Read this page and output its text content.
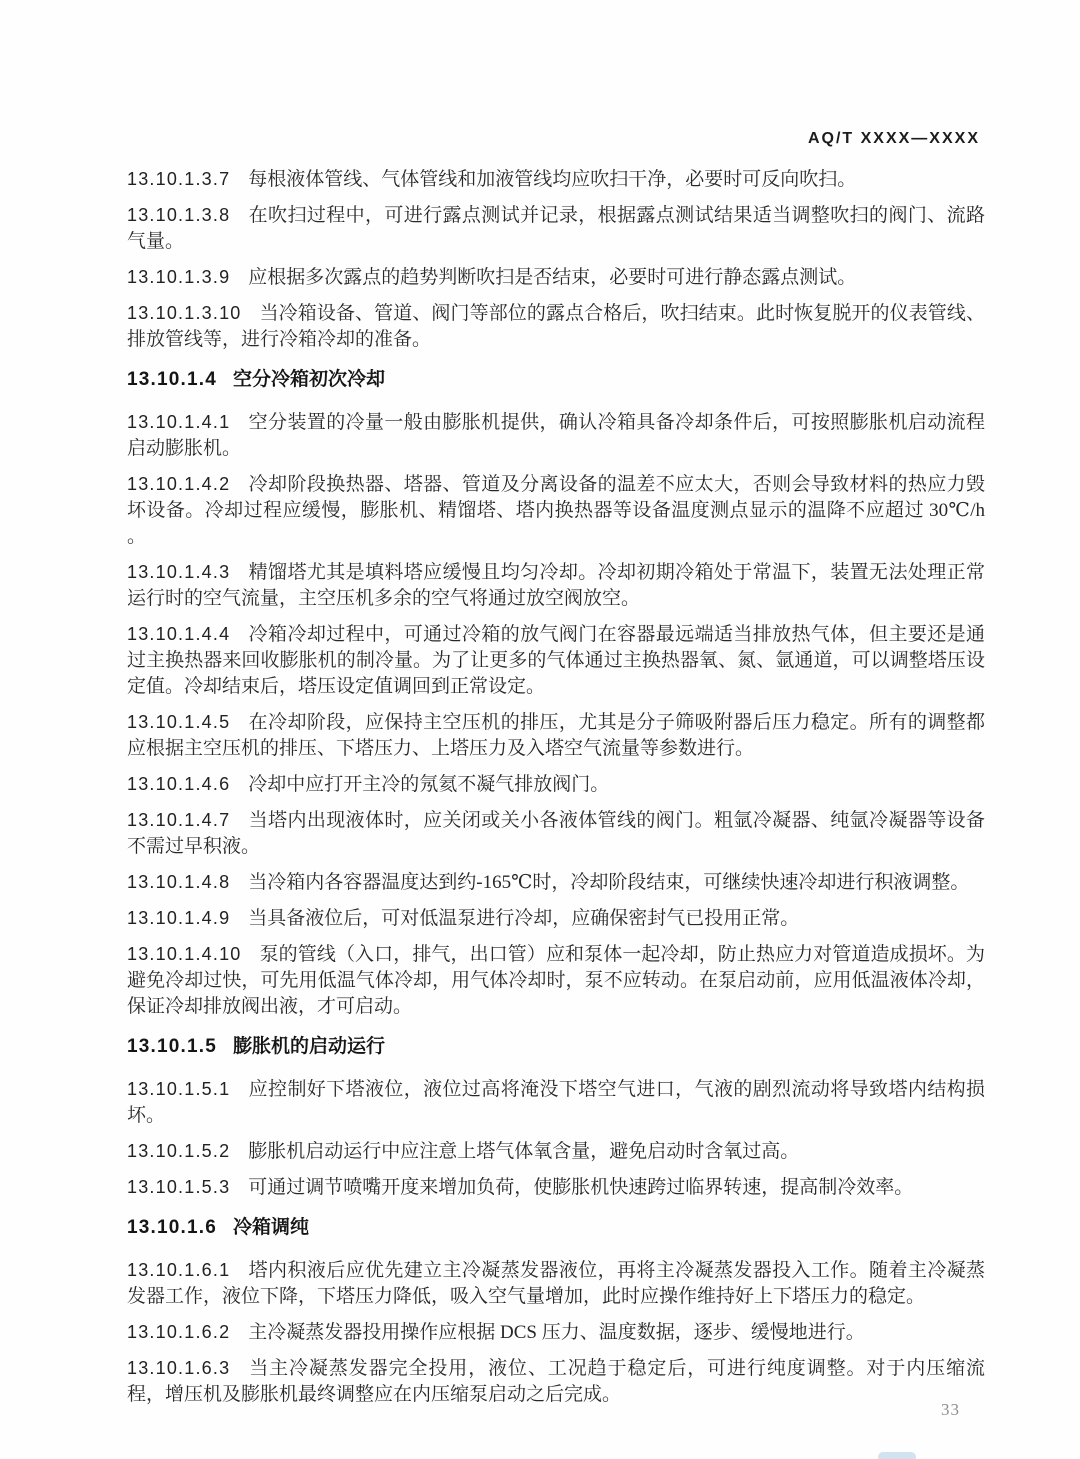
AQ/T XXXX—XXXX

13.10.1.3.7 每根液体管线、气体管线和加液管线均应吹扫干净，必要时可反向吹扫。

13.10.1.3.8 在吹扫过程中，可进行露点测试并记录，根据露点测试结果适当调整吹扫的阀门、流路气量。

13.10.1.3.9 应根据多次露点的趋势判断吹扫是否结束，必要时可进行静态露点测试。

13.10.1.3.10 当冷箱设备、管道、阀门等部位的露点合格后，吹扫结束。此时恢复脱开的仪表管线、排放管线等，进行冷箱冷却的准备。

13.10.1.4 空分冷箱初次冷却

13.10.1.4.1 空分装置的冷量一般由膨胀机提供，确认冷箱具备冷却条件后，可按照膨胀机启动流程启动膨胀机。

13.10.1.4.2 冷却阶段换热器、塔器、管道及分离设备的温差不应太大，否则会导致材料的热应力毁坏设备。冷却过程应缓慢，膨胀机、精馏塔、塔内换热器等设备温度测点显示的温降不应超过 30℃/h 。

13.10.1.4.3 精馏塔尤其是填料塔应缓慢且均匀冷却。冷却初期冷箱处于常温下，装置无法处理正常运行时的空气流量，主空压机多余的空气将通过放空阀放空。

13.10.1.4.4 冷箱冷却过程中，可通过冷箱的放气阀门在容器最远端适当排放热气体，但主要还是通过主换热器来回收膨胀机的制冷量。为了让更多的气体通过主换热器氧、氮、氩通道，可以调整塔压设定值。冷却结束后，塔压设定值调回到正常设定。

13.10.1.4.5 在冷却阶段，应保持主空压机的排压，尤其是分子筛吸附器后压力稳定。所有的调整都应根据主空压机的排压、下塔压力、上塔压力及入塔空气流量等参数进行。

13.10.1.4.6 冷却中应打开主冷的氖氦不凝气排放阀门。

13.10.1.4.7 当塔内出现液体时，应关闭或关小各液体管线的阀门。粗氩冷凝器、纯氩冷凝器等设备不需过早积液。

13.10.1.4.8 当冷箱内各容器温度达到约-165℃时，冷却阶段结束，可继续快速冷却进行积液调整。

13.10.1.4.9 当具备液位后，可对低温泵进行冷却，应确保密封气已投用正常。

13.10.1.4.10 泵的管线（入口，排气，出口管）应和泵体一起冷却，防止热应力对管道造成损坏。为避免冷却过快，可先用低温气体冷却，用气体冷却时，泵不应转动。在泵启动前，应用低温液体冷却，保证冷却排放阀出液，才可启动。

13.10.1.5 膨胀机的启动运行

13.10.1.5.1 应控制好下塔液位，液位过高将淹没下塔空气进口，气液的剧烈流动将导致塔内结构损坏。

13.10.1.5.2 膨胀机启动运行中应注意上塔气体氧含量，避免启动时含氧过高。

13.10.1.5.3 可通过调节喷嘴开度来增加负荷，使膨胀机快速跨过临界转速，提高制冷效率。

13.10.1.6 冷箱调纯

13.10.1.6.1 塔内积液后应优先建立主冷凝蒸发器液位，再将主冷凝蒸发器投入工作。随着主冷凝蒸发器工作，液位下降，下塔压力降低，吸入空气量增加，此时应操作维持好上下塔压力的稳定。

13.10.1.6.2 主冷凝蒸发器投用操作应根据 DCS 压力、温度数据，逐步、缓慢地进行。

13.10.1.6.3 当主冷凝蒸发器完全投用，液位、工况趋于稳定后，可进行纯度调整。对于内压缩流程，增压机及膨胀机最终调整应在内压缩泵启动之后完成。

33
